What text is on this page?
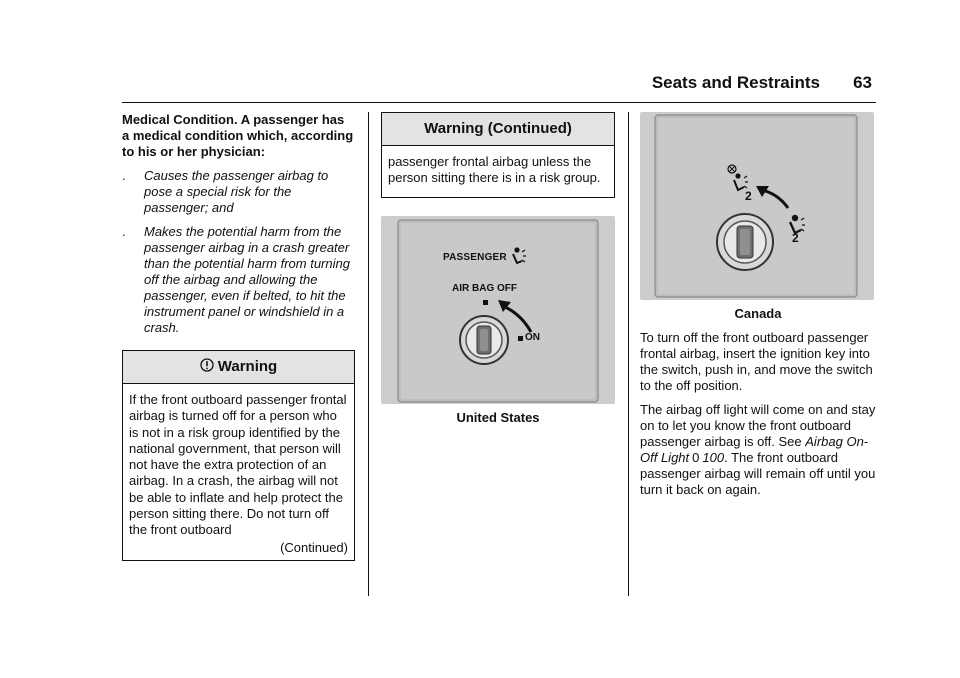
Seats and Restraints 63
Medical Condition. A passenger has a medical condition which, according to his or her physician:
.	Causes the passenger airbag to pose a special risk for the passenger; and
.	Makes the potential harm from the passenger airbag in a crash greater than the potential harm from turning off the airbag and allowing the passenger, even if belted, to hit the instrument panel or windshield in a crash.
Warning
If the front outboard passenger frontal airbag is turned off for a person who is not in a risk group identified by the national government, that person will not have the extra protection of an airbag. In a crash, the airbag will not be able to inflate and help protect the person sitting there. Do not turn off the front outboard
(Continued)
Warning (Continued)
passenger frontal airbag unless the person sitting there is in a risk group.
PASSENGER
AIR BAG OFF
ON
United States
2
2
Canada
To turn off the front outboard passenger frontal airbag, insert the ignition key into the switch, push in, and move the switch to the off position.
The airbag off light will come on and stay on to let you know the front outboard passenger airbag is off. See Airbag On-Off Light 0 100. The front outboard passenger airbag will remain off until you turn it back on again.
